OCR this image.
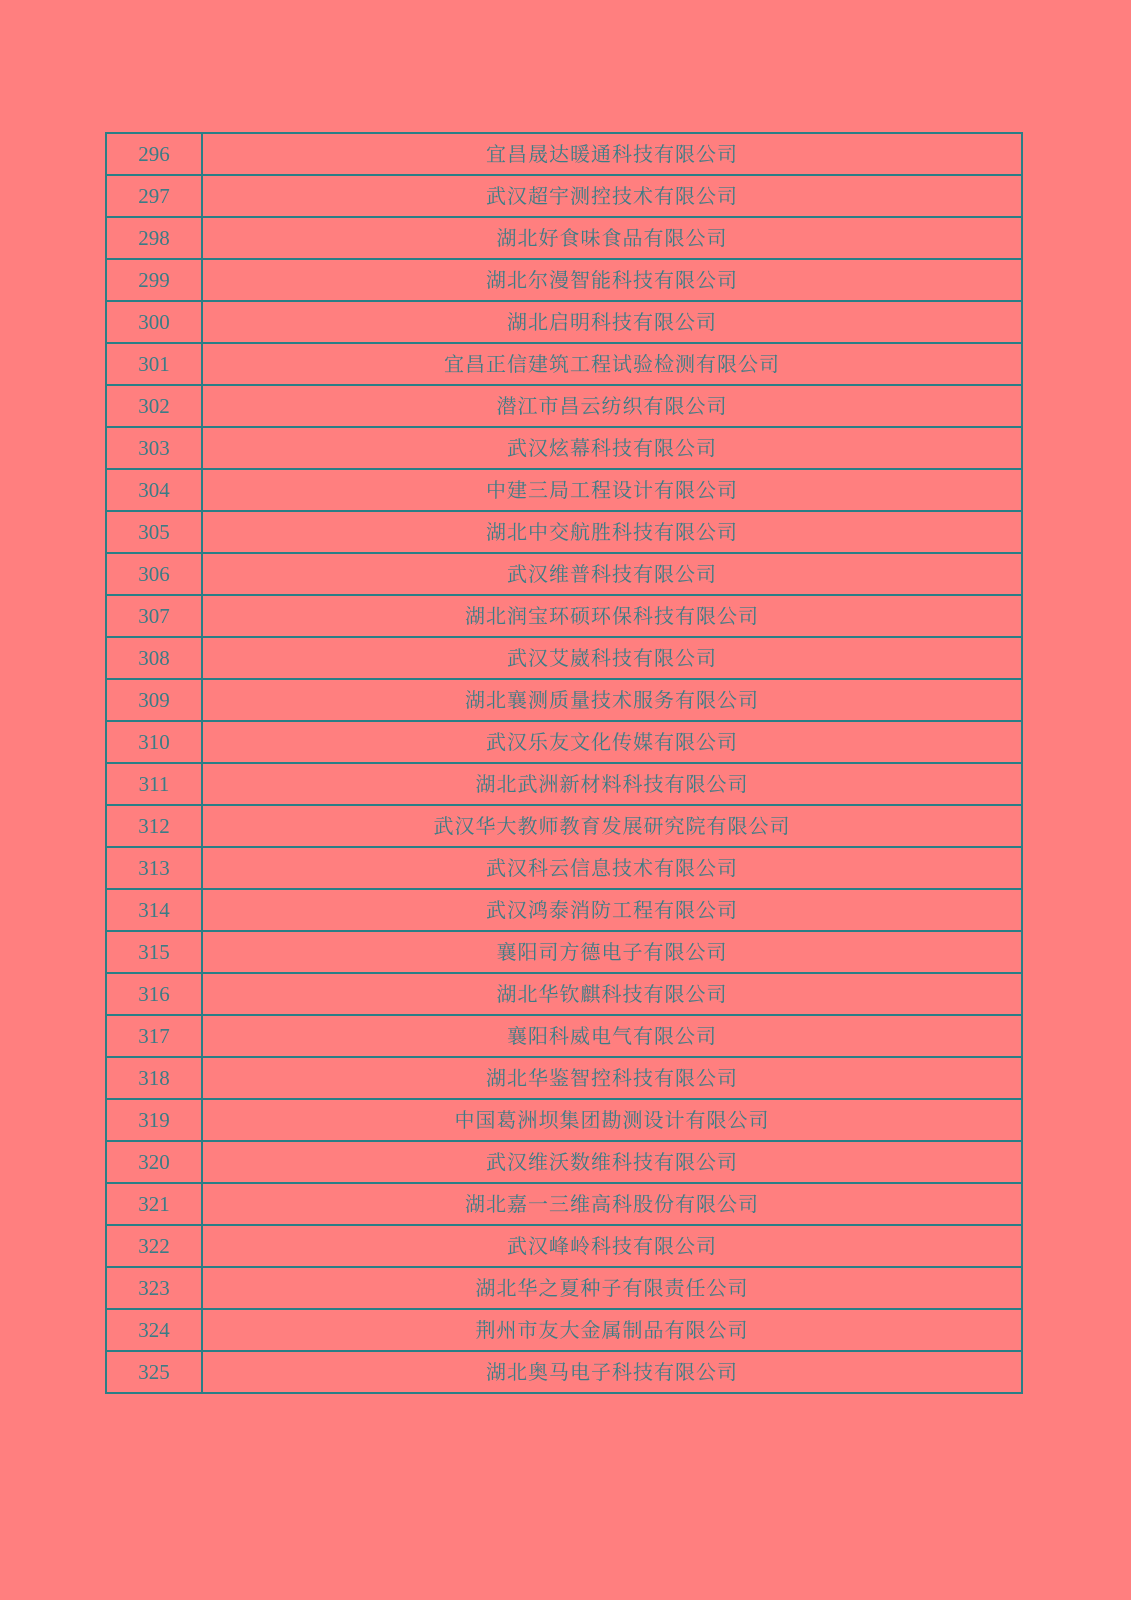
296	宜昌晟达暖通科技有限公司
297	武汉超宇测控技术有限公司
298	湖北好食味食品有限公司
299	湖北尔漫智能科技有限公司
300	湖北启明科技有限公司
301	宜昌正信建筑工程试验检测有限公司
302	潜江市昌云纺织有限公司
303	武汉炫幕科技有限公司
304	中建三局工程设计有限公司
305	湖北中交航胜科技有限公司
306	武汉维普科技有限公司
307	湖北润宝环硕环保科技有限公司
308	武汉艾崴科技有限公司
309	湖北襄测质量技术服务有限公司
310	武汉乐友文化传媒有限公司
311	湖北武洲新材料科技有限公司
312	武汉华大教师教育发展研究院有限公司
313	武汉科云信息技术有限公司
314	武汉鸿泰消防工程有限公司
315	襄阳司方德电子有限公司
316	湖北华钦麒科技有限公司
317	襄阳科威电气有限公司
318	湖北华鉴智控科技有限公司
319	中国葛洲坝集团勘测设计有限公司
320	武汉维沃数维科技有限公司
321	湖北嘉一三维高科股份有限公司
322	武汉峰岭科技有限公司
323	湖北华之夏种子有限责任公司
324	荆州市友大金属制品有限公司
325	湖北奥马电子科技有限公司
